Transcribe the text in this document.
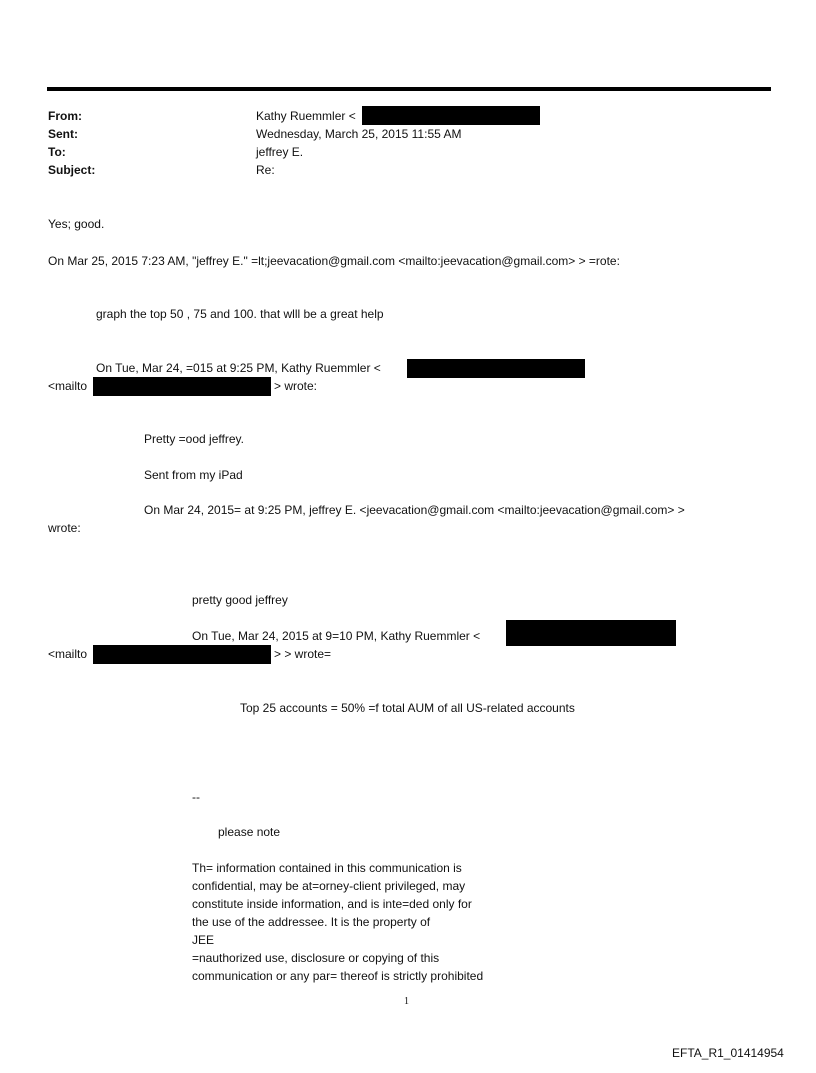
From:	Kathy Ruemmler <
Sent:	Wednesday, March 25, 2015 11:55 AM
To:	jeffrey E.
Subject:	Re:
Yes; good.
On Mar 25, 2015 7:23 AM, "jeffrey E." =lt;jeevacation@gmail.com <mailto:jeevacation@gmail.com> > =rote:
graph the top 50 , 75 and 100. that wlll be a great help
On Tue, Mar 24, =015 at 9:25 PM, Kathy Ruemmler <
<mailto	> wrote:
Pretty =ood jeffrey.
Sent from my iPad
On Mar 24, 2015= at 9:25 PM, jeffrey E. <jeevacation@gmail.com <mailto:jeevacation@gmail.com> >
wrote:
pretty good jeffrey
On Tue, Mar 24, 2015 at 9=10 PM, Kathy Ruemmler <
<mailto	> > wrote=
Top 25 accounts = 50% =f total AUM of all US-related accounts
--
please note
Th= information contained in this communication is
confidential, may be at=orney-client privileged, may
constitute inside information, and is inte=ded only for
the use of the addressee. It is the property of
JEE
=nauthorized use, disclosure or copying of this
communication or any par= thereof is strictly prohibited
1
EFTA_R1_01414954
